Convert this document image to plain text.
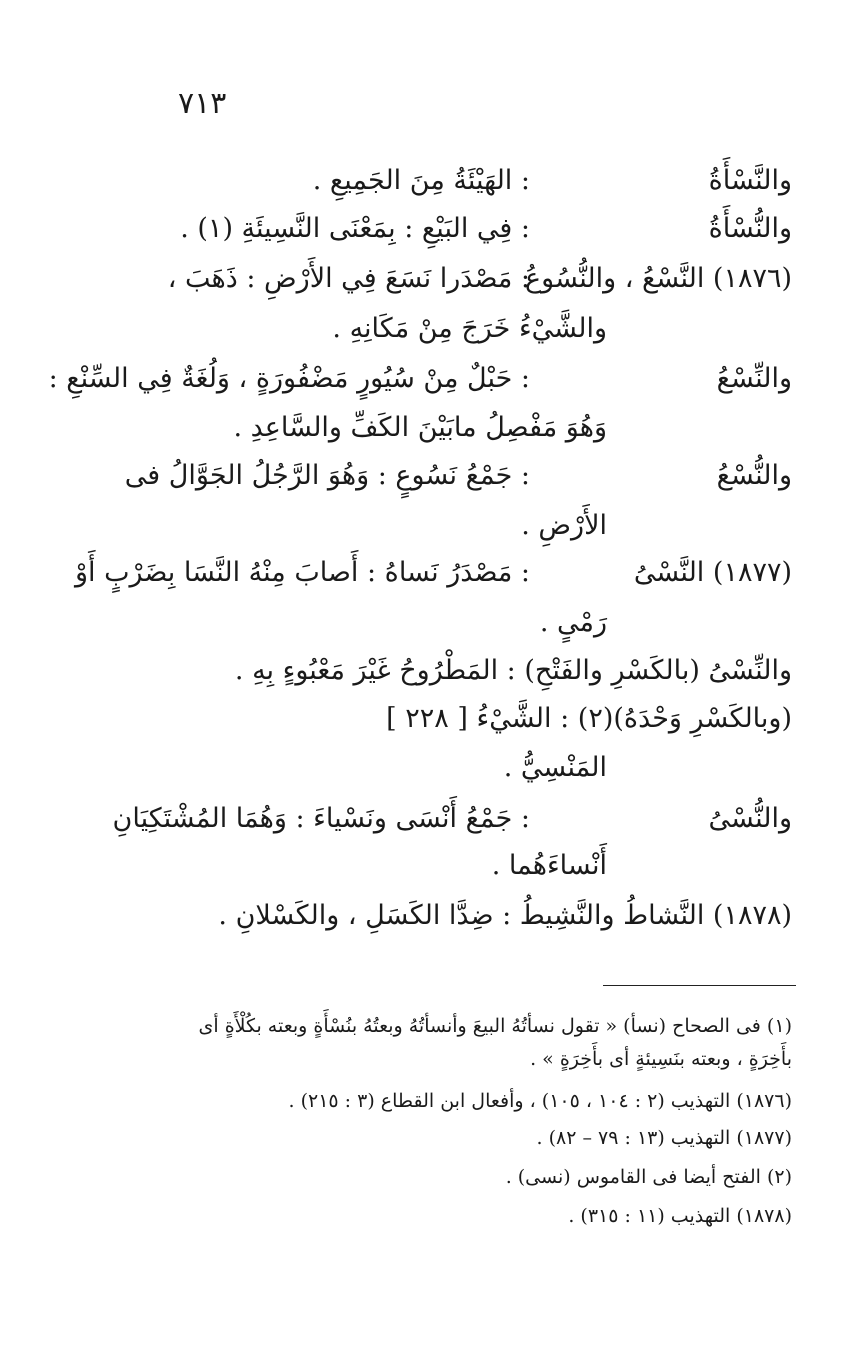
٧١٣
والنَّسْأَةُ
: الهَيْئَةُ مِنَ الجَمِيعِ .
والنُّسْأَةُ
: فِي البَيْعِ : بِمَعْنَى النَّسِيئَةِ (١) .
(١٨٧٦) النَّسْعُ ، والنُّسُوعُ
: مَصْدَرا نَسَعَ فِي الأَرْضِ : ذَهَبَ ،
والشَّيْءُ خَرَجَ مِنْ مَكَانِهِ .
والنِّسْعُ
: حَبْلٌ مِنْ سُيُورٍ مَضْفُورَةٍ ، وَلُغَةٌ فِي السِّنْعِ :
وَهُوَ مَفْصِلُ مابَيْنَ الكَفِّ والسَّاعِدِ .
والنُّسْعُ
: جَمْعُ نَسُوعٍ : وَهُوَ الرَّجُلُ الجَوَّالُ فى
الأَرْضِ .
(١٨٧٧) النَّسْىُ
: مَصْدَرُ نَساهُ : أَصابَ مِنْهُ النَّسَا بِضَرْبٍ أَوْ
رَمْىٍ .
والنِّسْىُ (بالكَسْرِ والفَتْحِ) : المَطْرُوحُ غَيْرَ مَعْبُوءٍ بِهِ .
(وبالكَسْرِ وَحْدَهُ)(٢) : الشَّيْءُ [ ٢٢٨ ]
المَنْسِيُّ .
والنُّسْىُ
: جَمْعُ أَنْسَى ونَسْياءَ : وَهُمَا المُشْتَكِيَانِ
أَنْساءَهُما .
(١٨٧٨) النَّشاطُ والنَّشِيطُ : ضِدَّا الكَسَلِ ، والكَسْلانِ .
(١) فى الصحاح (نسأ) « تقول نسأتُهُ البيعَ وأنسأتُهُ وبعتُهُ بنُسْأَةٍ وبعته بكُلْأَةٍ أى
بأَخِرَةٍ ، وبعته بنَسِيئةٍ أى بأَخِرَةٍ » .
(١٨٧٦) التهذيب (٢ : ١٠٤ ، ١٠٥) ، وأفعال ابن القطاع (٣ : ٢١٥) .
(١٨٧٧) التهذيب (١٣ : ٧٩ – ٨٢) .
(٢) الفتح أيضا فى القاموس (نسى) .
(١٨٧٨) التهذيب (١١ : ٣١٥) .
